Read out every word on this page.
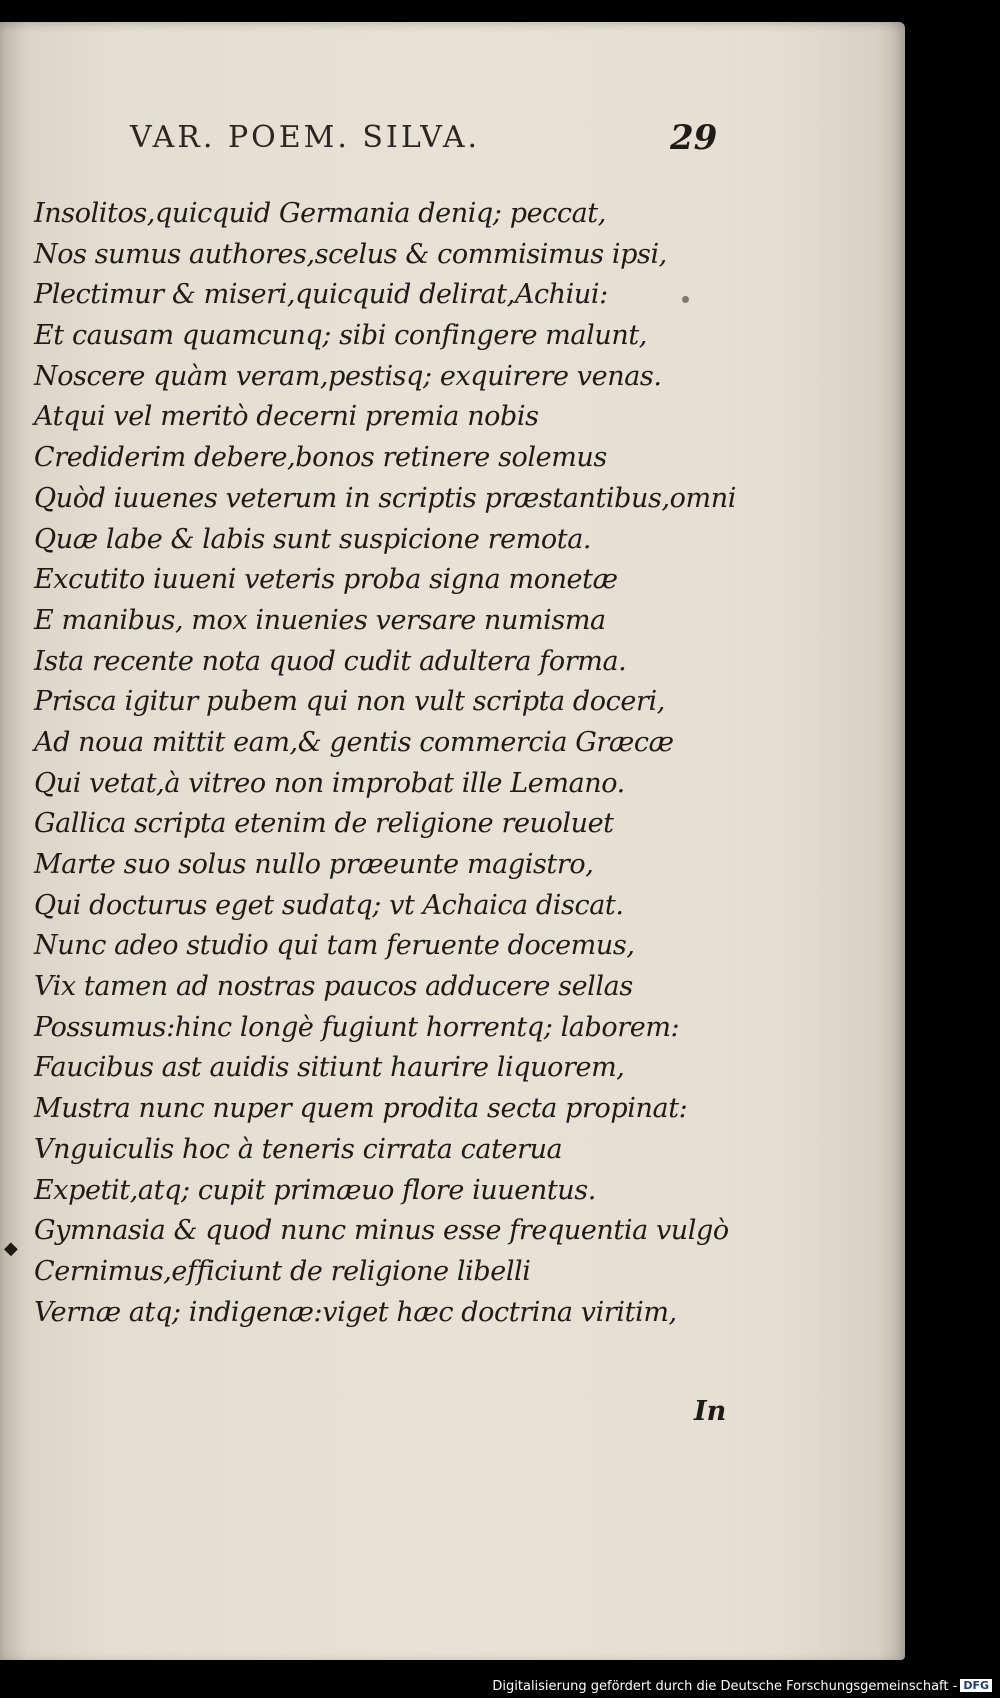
VAR. POEM. SILVA.	29
Insolitos,quicquid Germania deniq; peccat,
Nos sumus authores,scelus & commisimus ipsi,
Plectimur & miseri,quicquid delirat,Achiui:
Et causam quamcunq; sibi confingere malunt,
Noscere quàm veram,pestisq; exquirere venas.
Atqui vel meritò decerni premia nobis
Crediderim debere,bonos retinere solemus
Quòd iuuenes veterum in scriptis præstantibus,omni
Quæ labe & labis sunt suspicione remota.
Excutito iuueni veteris proba signa monetæ
E manibus, mox inuenies versare numisma
Ista recente nota quod cudit adultera forma.
Prisca igitur pubem qui non vult scripta doceri,
Ad noua mittit eam,& gentis commercia Græcæ
Qui vetat,à vitreo non improbat ille Lemano.
Gallica scripta etenim de religione reuoluet
Marte suo solus nullo præeunte magistro,
Qui docturus eget sudatq; vt Achaica discat.
Nunc adeo studio qui tam feruente docemus,
Vix tamen ad nostras paucos adducere sellas
Possumus:hinc longè fugiunt horrentq; laborem:
Faucibus ast auidis sitiunt haurire liquorem,
Mustra nunc nuper quem prodita secta propinat:
Vnguiculis hoc à teneris cirrata caterua
Expetit,atq; cupit primæuo flore iuuentus.
Gymnasia & quod nunc minus esse frequentia vulgò
Cernimus,efficiunt de religione libelli
Vernæ atq; indigenæ:viget hæc doctrina viritim,
In
◆
Digitalisierung gefördert durch die Deutsche Forschungsgemeinschaft - DFG
